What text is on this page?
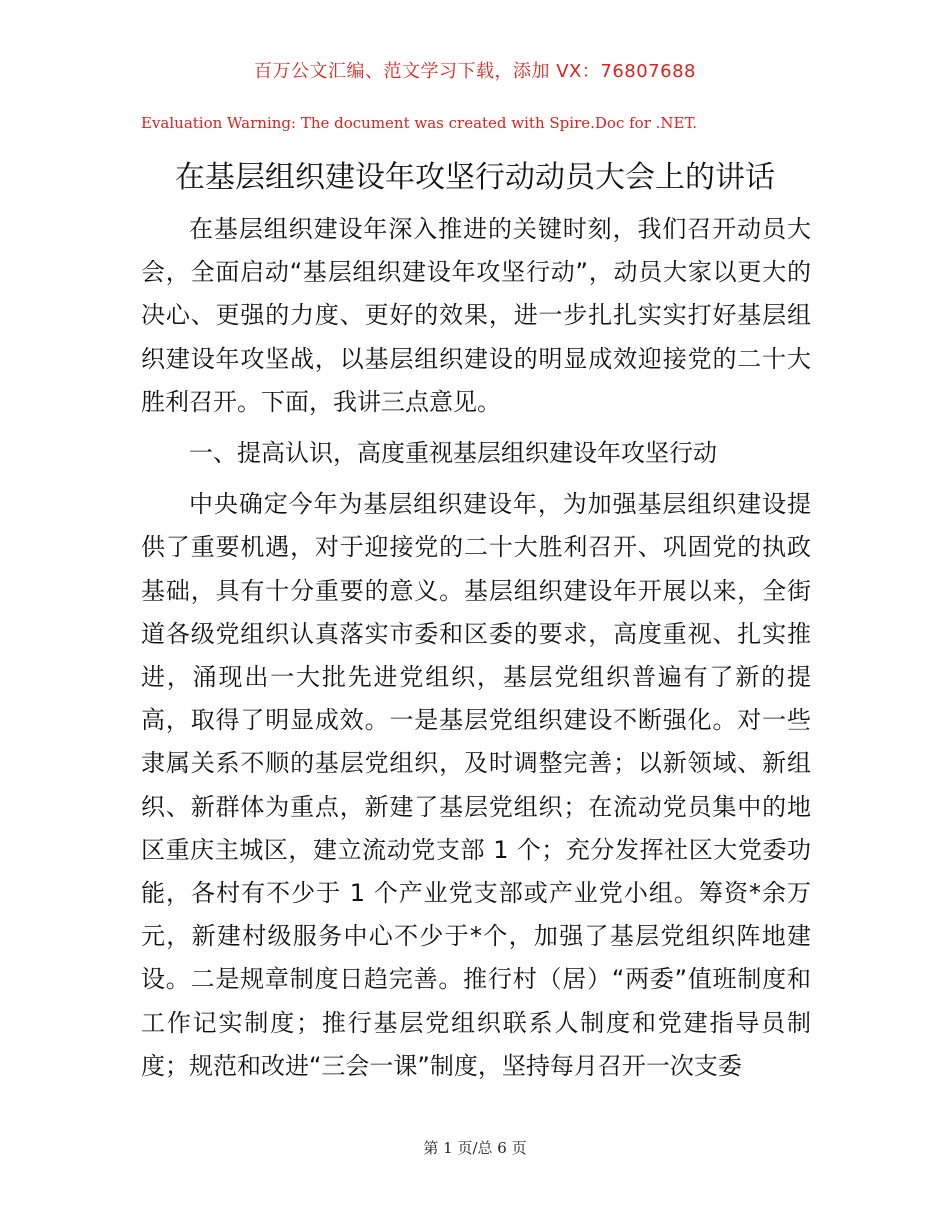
百万公文汇编、范文学习下载，添加 VX：76807688
Evaluation Warning: The document was created with Spire.Doc for .NET.
在基层组织建设年攻坚行动动员大会上的讲话

在基层组织建设年深入推进的关键时刻，我们召开动员大会，全面启动“基层组织建设年攻坚行动”，动员大家以更大的决心、更强的力度、更好的效果，进一步扎扎实实打好基层组织建设年攻坚战，以基层组织建设的明显成效迎接党的二十大胜利召开。下面，我讲三点意见。

一、提高认识，高度重视基层组织建设年攻坚行动

中央确定今年为基层组织建设年，为加强基层组织建设提供了重要机遇，对于迎接党的二十大胜利召开、巩固党的执政基础，具有十分重要的意义。基层组织建设年开展以来，全街道各级党组织认真落实市委和区委的要求，高度重视、扎实推进，涌现出一大批先进党组织，基层党组织普遍有了新的提高，取得了明显成效。一是基层党组织建设不断强化。对一些隶属关系不顺的基层党组织，及时调整完善；以新领域、新组织、新群体为重点，新建了基层党组织；在流动党员集中的地区重庆主城区，建立流动党支部 1 个；充分发挥社区大党委功能，各村有不少于 1 个产业党支部或产业党小组。筹资*余万元，新建村级服务中心不少于*个，加强了基层党组织阵地建设。二是规章制度日趋完善。推行村（居）“两委”值班制度和工作记实制度；推行基层党组织联系人制度和党建指导员制度；规范和改进“三会一课”制度，坚持每月召开一次支委

第 1 页/总 6 页
